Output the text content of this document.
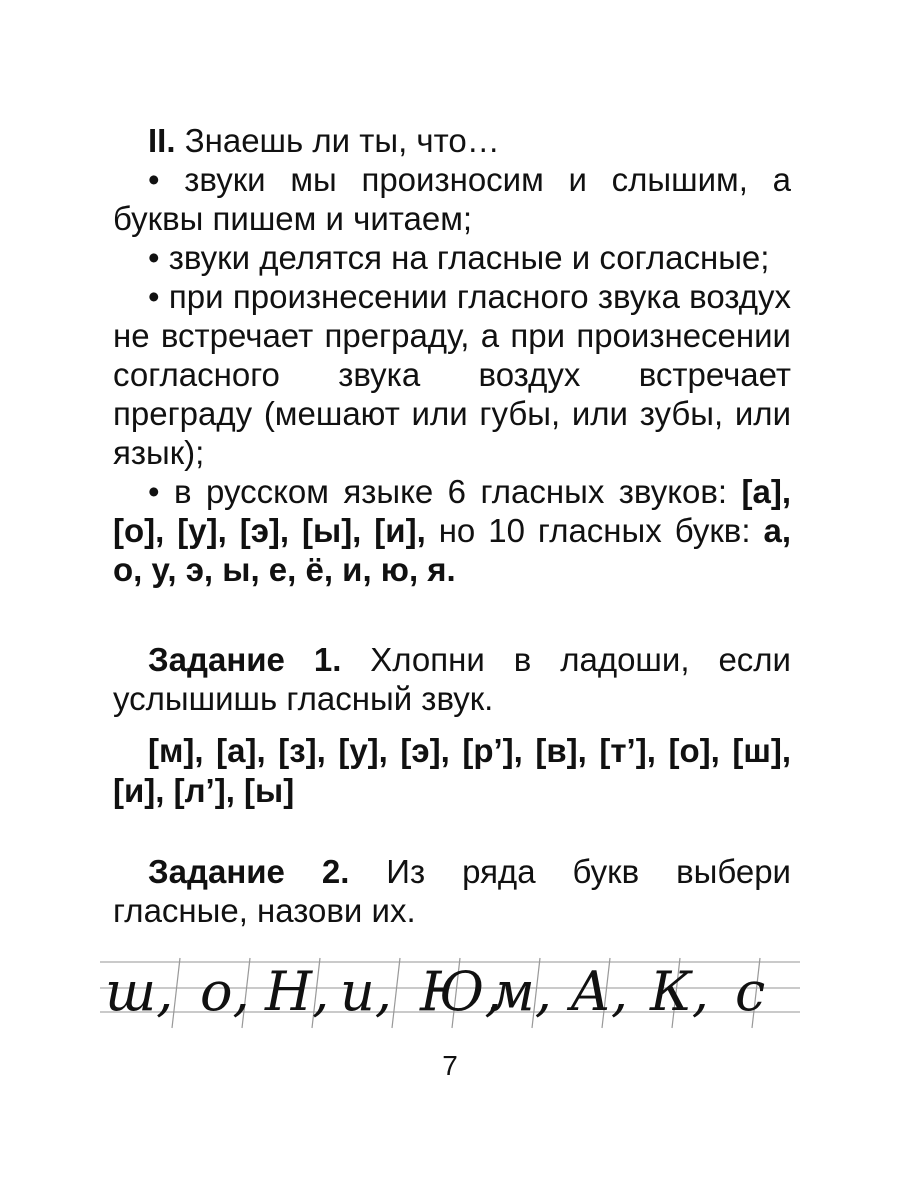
II. Знаешь ли ты, что…

• звуки мы произносим и слышим, а буквы пишем и читаем;

• звуки делятся на гласные и согласные;

• при произнесении гласного звука воздух не встречает преграду, а при произнесении согласного звука воздух встречает преграду (мешают или губы, или зубы, или язык);

• в русском языке 6 гласных звуков: [а], [о], [у], [э], [ы], [и], но 10 гласных букв: а, о, у, э, ы, е, ё, и, ю, я.

Задание 1. Хлопни в ладоши, если услышишь гласный звук.

[м], [а], [з], [у], [э], [р’], [в], [т’], [о], [ш], [и], [л’], [ы]

Задание 2. Из ряда букв выбери гласные, назови их.

ш, о, Н, и, Ю,
м, А, К, с
7
